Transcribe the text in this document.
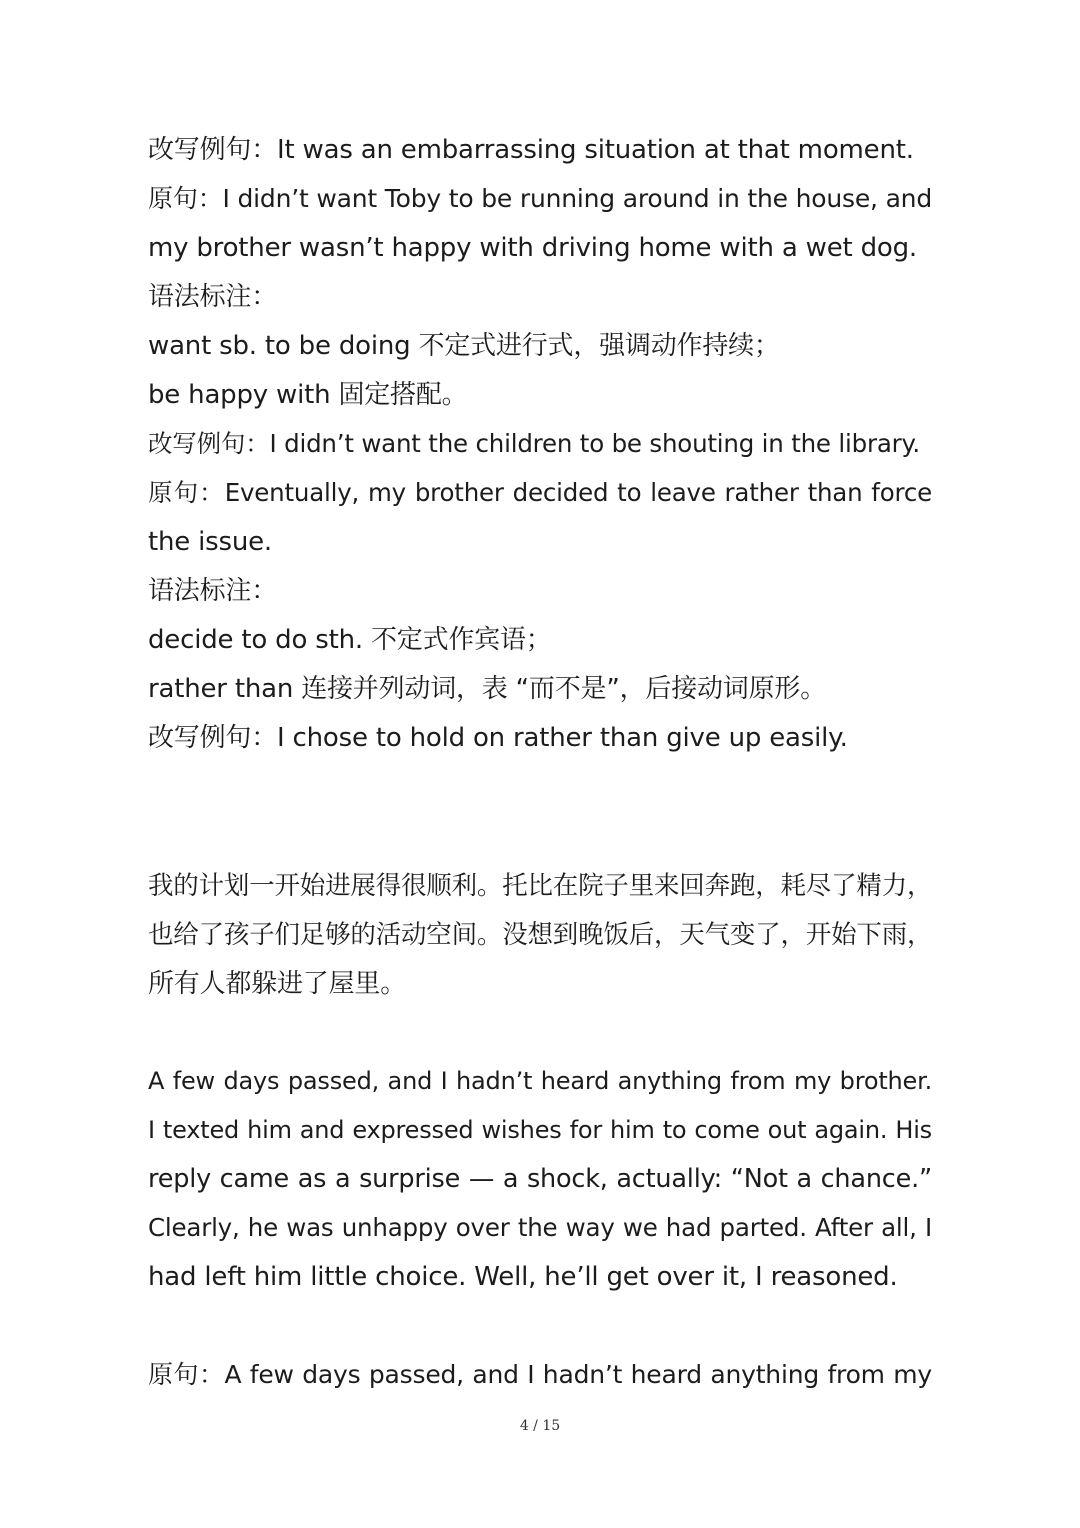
改写例句：It was an embarrassing situation at that moment.
原句：I didn’t want Toby to be running around in the house, and
my brother wasn’t happy with driving home with a wet dog.
语法标注：
want sb. to be doing 不定式进行式，强调动作持续；
be happy with 固定搭配。
改写例句：I didn’t want the children to be shouting in the library.
原句：Eventually, my brother decided to leave rather than force
the issue.
语法标注：
decide to do sth. 不定式作宾语；
rather than 连接并列动词，表 “而不是”，后接动词原形。
改写例句：I chose to hold on rather than give up easily.
我的计划一开始进展得很顺利。托比在院子里来回奔跑，耗尽了精力，
也给了孩子们足够的活动空间。没想到晚饭后，天气变了，开始下雨，
所有人都躲进了屋里。
A few days passed, and I hadn’t heard anything from my brother.
I texted him and expressed wishes for him to come out again. His
reply came as a surprise — a shock, actually: “Not a chance.”
Clearly, he was unhappy over the way we had parted. After all, I
had left him little choice. Well, he’ll get over it, I reasoned.
原句：A few days passed, and I hadn’t heard anything from my
4 / 15
